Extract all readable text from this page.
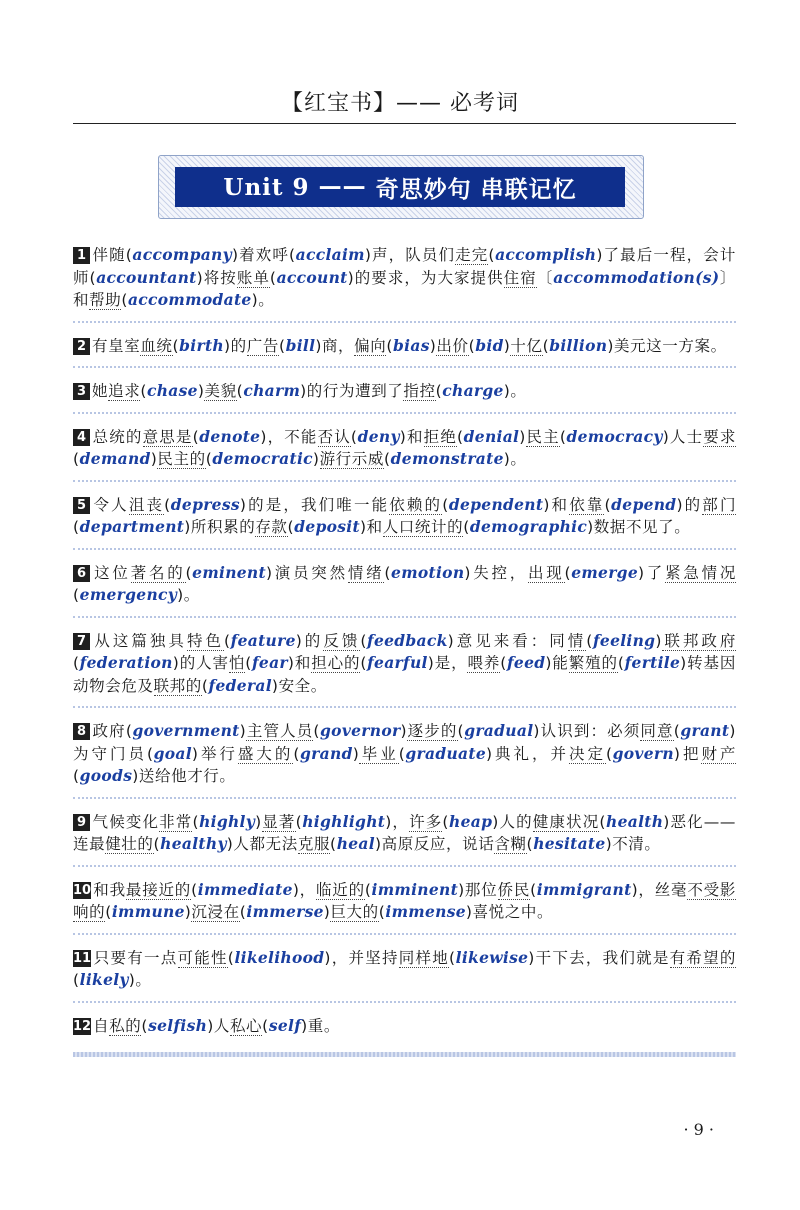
【红宝书】—— 必考词
Unit 9 —— 奇思妙句 串联记忆
1 伴随(accompany)着欢呼(acclaim)声，队员们走完(accomplish)了最后一程，会计师(accountant)将按账单(account)的要求，为大家提供住宿〔accommodation(s)〕和帮助(accommodate)。
2 有皇室血统(birth)的广告(bill)商，偏向(bias)出价(bid)十亿(billion)美元这一方案。
3 她追求(chase)美貌(charm)的行为遭到了指控(charge)。
4 总统的意思是(denote)，不能否认(deny)和拒绝(denial)民主(democracy)人士要求(demand)民主的(democratic)游行示威(demonstrate)。
5 令人沮丧(depress)的是，我们唯一能依赖的(dependent)和依靠(depend)的部门(department)所积累的存款(deposit)和人口统计的(demographic)数据不见了。
6 这位著名的(eminent)演员突然情绪(emotion)失控，出现(emerge)了紧急情况(emergency)。
7 从这篇独具特色(feature)的反馈(feedback)意见来看：同情(feeling)联邦政府(federation)的人害怕(fear)和担心的(fearful)是，喂养(feed)能繁殖的(fertile)转基因动物会危及联邦的(federal)安全。
8 政府(government)主管人员(governor)逐步的(gradual)认识到：必须同意(grant)为守门员(goal)举行盛大的(grand)毕业(graduate)典礼，并决定(govern)把财产(goods)送给他才行。
9 气候变化非常(highly)显著(highlight)，许多(heap)人的健康状况(health)恶化——连最健壮的(healthy)人都无法克服(heal)高原反应，说话含糊(hesitate)不清。
10 和我最接近的(immediate)，临近的(imminent)那位侨民(immigrant)，丝毫不受影响的(immune)沉浸在(immerse)巨大的(immense)喜悦之中。
11 只要有一点可能性(likelihood)，并坚持同样地(likewise)干下去，我们就是有希望的(likely)。
12 自私的(selfish)人私心(self)重。
· 9 ·
